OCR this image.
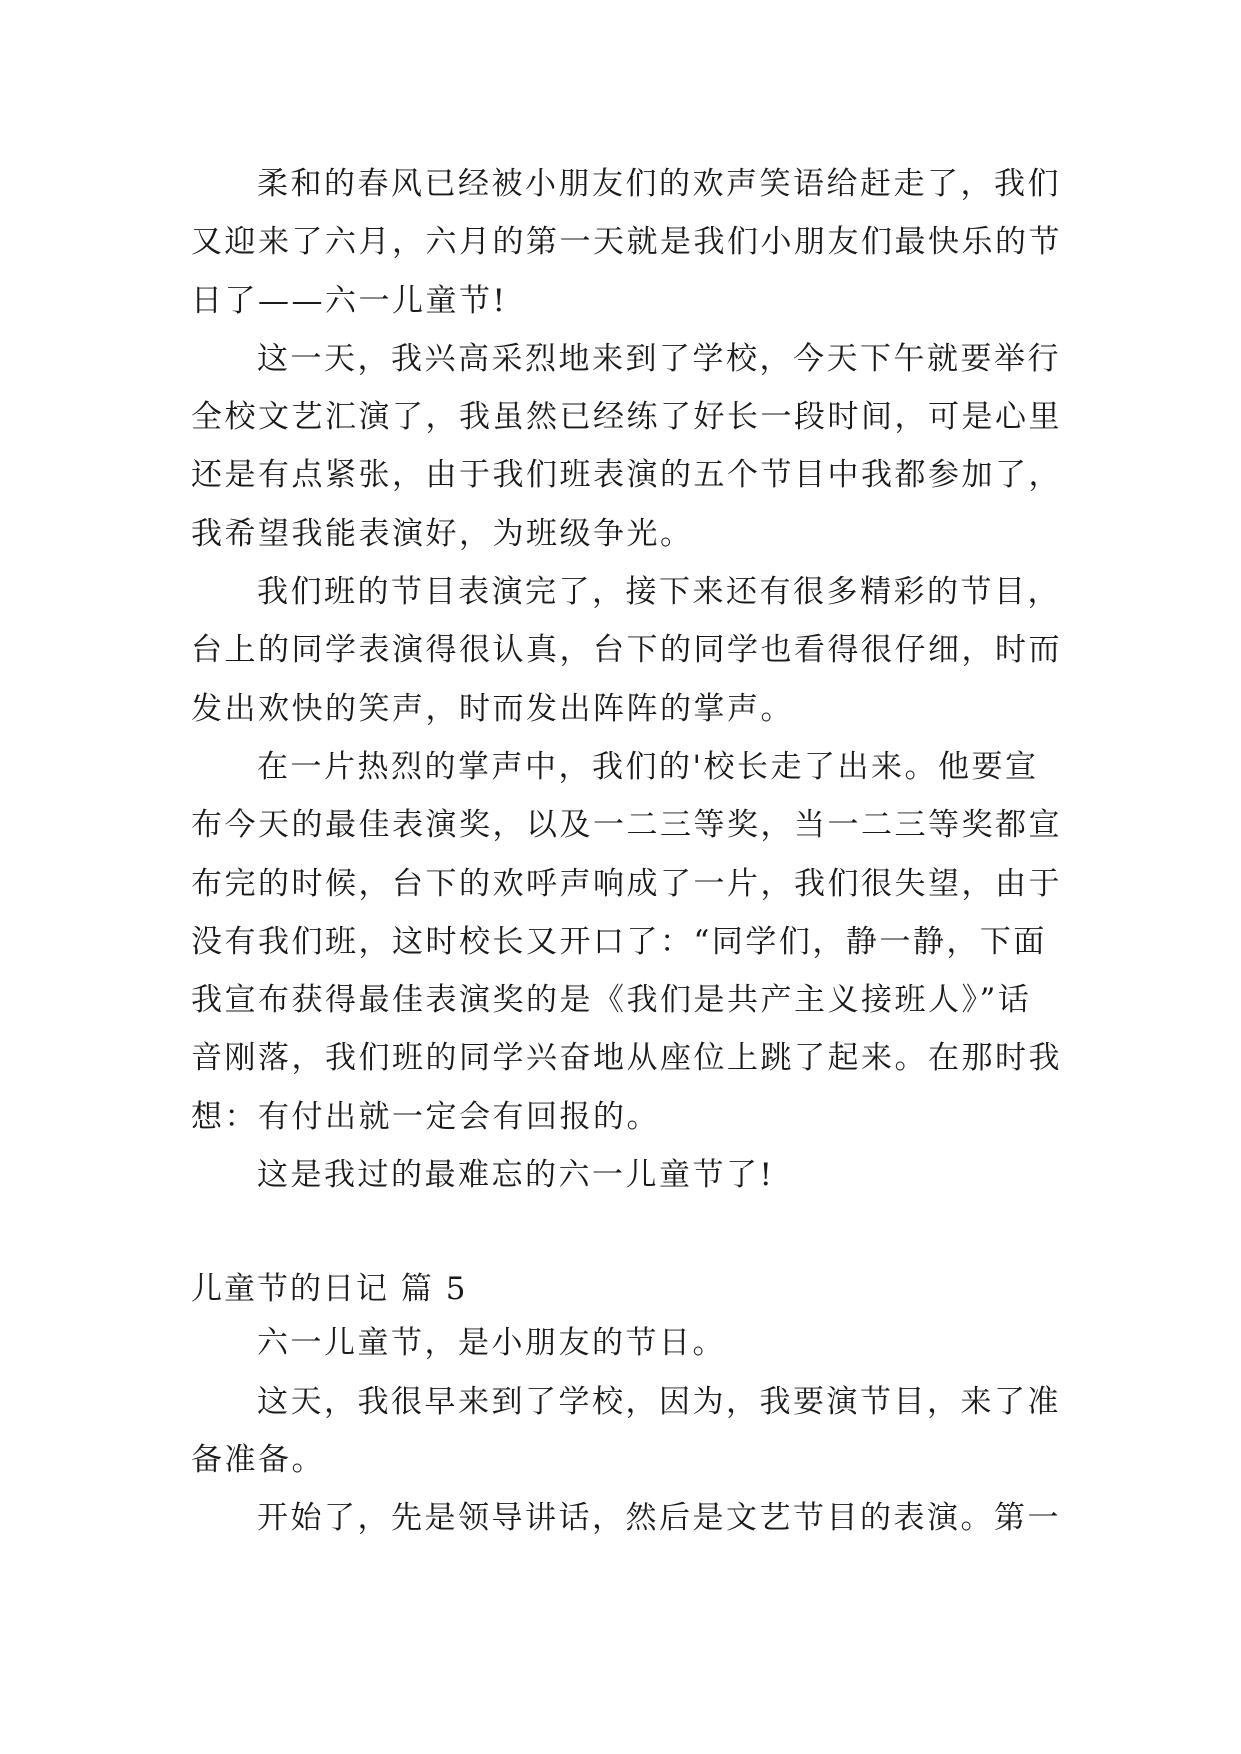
柔和的春风已经被小朋友们的欢声笑语给赶走了，我们
又迎来了六月，六月的第一天就是我们小朋友们最快乐的节
日了——六一儿童节!
这一天，我兴高采烈地来到了学校，今天下午就要举行
全校文艺汇演了，我虽然已经练了好长一段时间，可是心里
还是有点紧张，由于我们班表演的五个节目中我都参加了，
我希望我能表演好，为班级争光。
我们班的节目表演完了，接下来还有很多精彩的节目，
台上的同学表演得很认真，台下的同学也看得很仔细，时而
发出欢快的笑声，时而发出阵阵的掌声。
在一片热烈的掌声中，我们的'校长走了出来。他要宣
布今天的最佳表演奖，以及一二三等奖，当一二三等奖都宣
布完的时候，台下的欢呼声响成了一片，我们很失望，由于
没有我们班，这时校长又开口了：“同学们，静一静，下面
我宣布获得最佳表演奖的是《我们是共产主义接班人》”话
音刚落，我们班的同学兴奋地从座位上跳了起来。在那时我
想：有付出就一定会有回报的。
这是我过的最难忘的六一儿童节了!
儿童节的日记 篇 5
六一儿童节，是小朋友的节日。
这天，我很早来到了学校，因为，我要演节目，来了准
备准备。
开始了，先是领导讲话，然后是文艺节目的表演。第一
